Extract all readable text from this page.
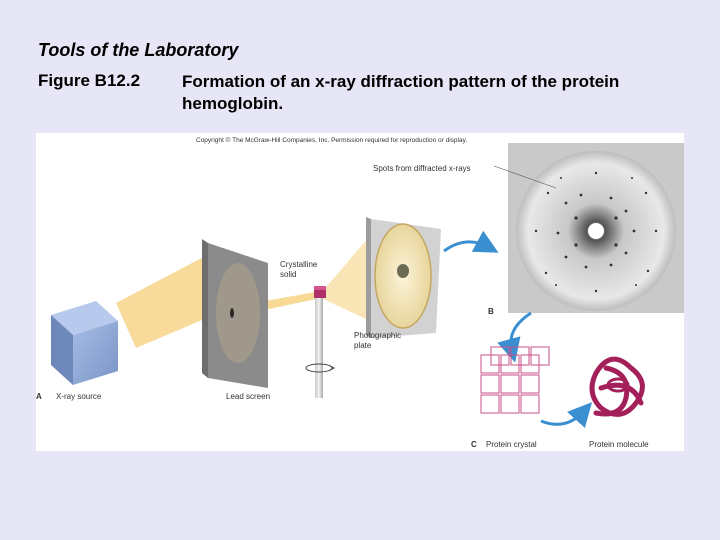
Tools of the Laboratory
Figure B12.2 Formation of an x-ray diffraction pattern of the protein hemoglobin.
Copyright © The McGraw-Hill Companies, Inc. Permission required for reproduction or display.
Spots from diffracted x-rays
Crystalline
solid
Photographic
plate
A X-ray source	Lead screen
B
C Protein crystal	Protein molecule
